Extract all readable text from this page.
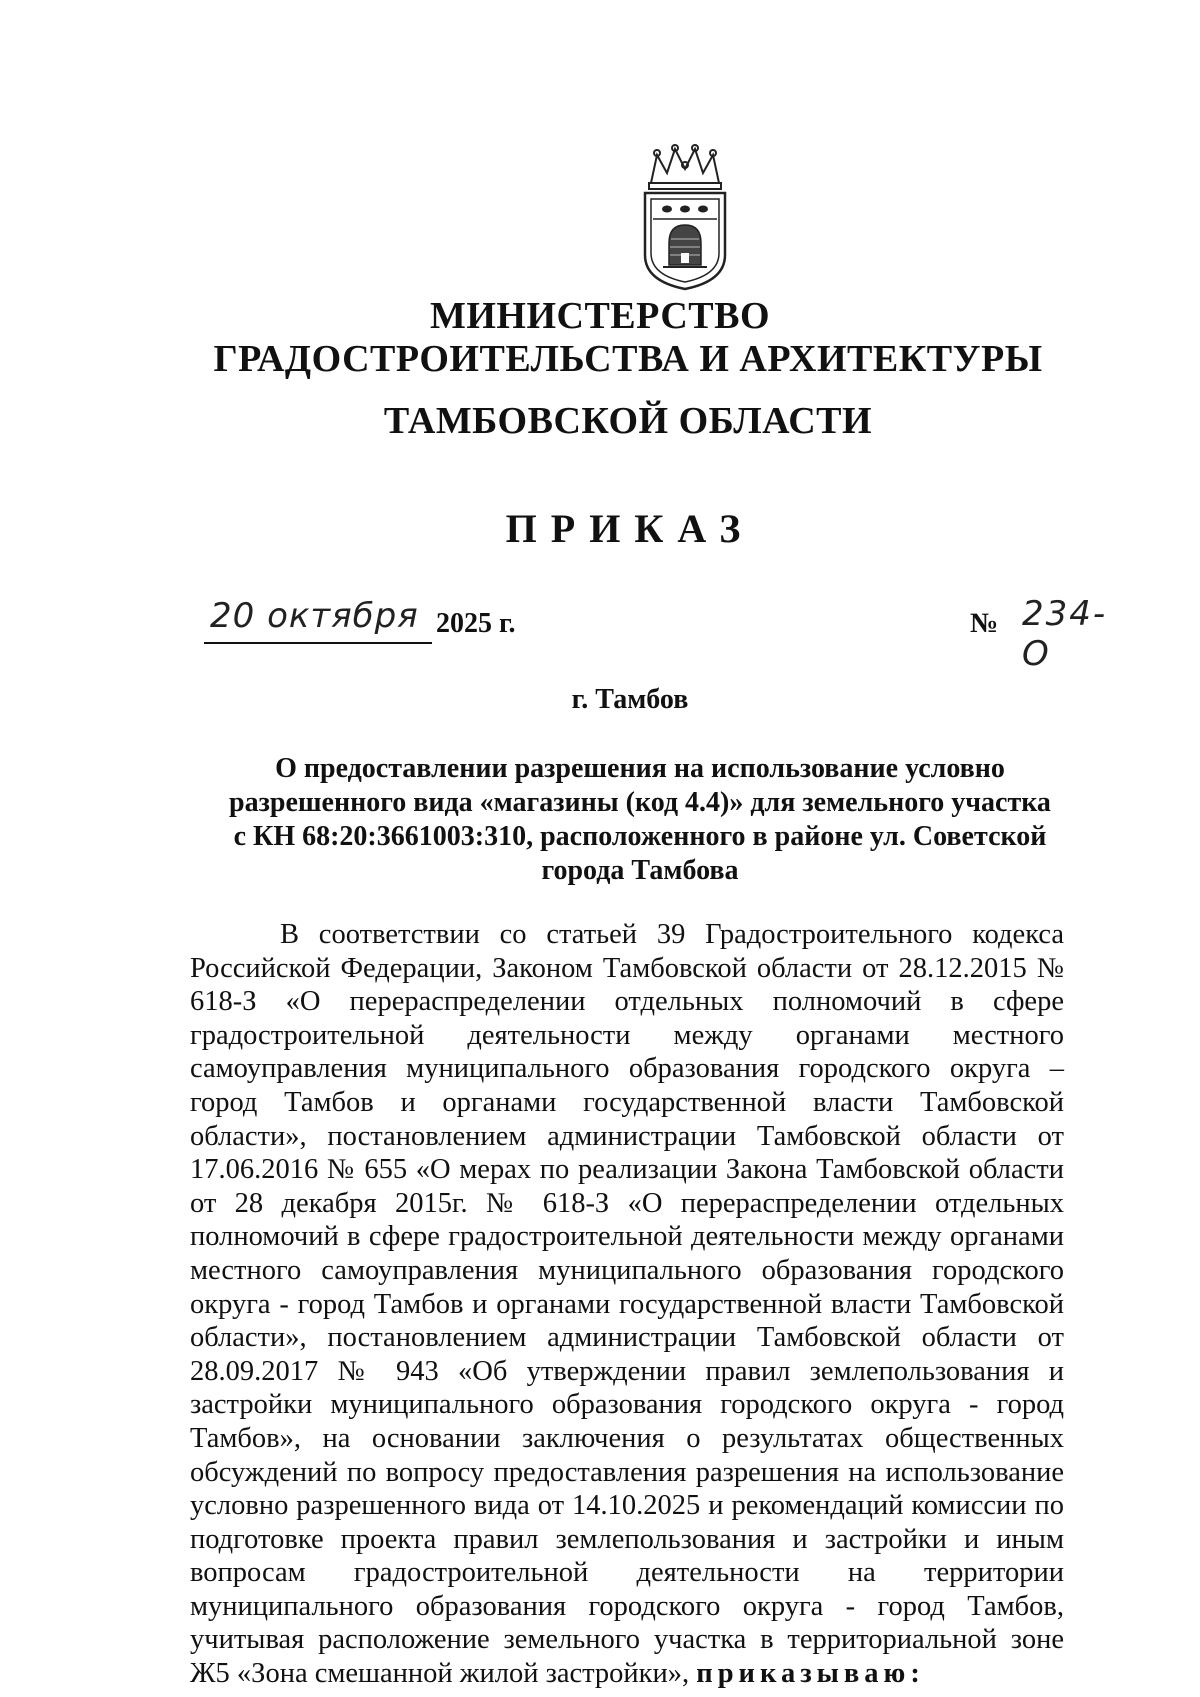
МИНИСТЕРСТВО
ГРАДОСТРОИТЕЛЬСТВА И АРХИТЕКТУРЫ
ТАМБОВСКОЙ ОБЛАСТИ
ПРИКАЗ
20 октября 2025 г.	№ 234-О
г. Тамбов
О предоставлении разрешения на использование условно разрешенного вида «магазины (код 4.4)» для земельного участка с КН 68:20:3661003:310, расположенного в районе ул. Советской города Тамбова
В соответствии со статьей 39 Градостроительного кодекса Российской Федерации, Законом Тамбовской области от 28.12.2015 № 618-З «О перераспределении отдельных полномочий в сфере градостроительной деятельности между органами местного самоуправления муниципального образования городского округа – город Тамбов и органами государственной власти Тамбовской области», постановлением администрации Тамбовской области от 17.06.2016 № 655 «О мерах по реализации Закона Тамбовской области от 28 декабря 2015г. № 618-З «О перераспределении отдельных полномочий в сфере градостроительной деятельности между органами местного самоуправления муниципального образования городского округа - город Тамбов и органами государственной власти Тамбовской области», постановлением администрации Тамбовской области от 28.09.2017 № 943 «Об утверждении правил землепользования и застройки муниципального образования городского округа - город Тамбов», на основании заключения о результатах общественных обсуждений по вопросу предоставления разрешения на использование условно разрешенного вида от 14.10.2025 и рекомендаций комиссии по подготовке проекта правил землепользования и застройки и иным вопросам градостроительной деятельности на территории муниципального образования городского округа - город Тамбов, учитывая расположение земельного участка в территориальной зоне Ж5 «Зона смешанной жилой застройки», приказываю:
